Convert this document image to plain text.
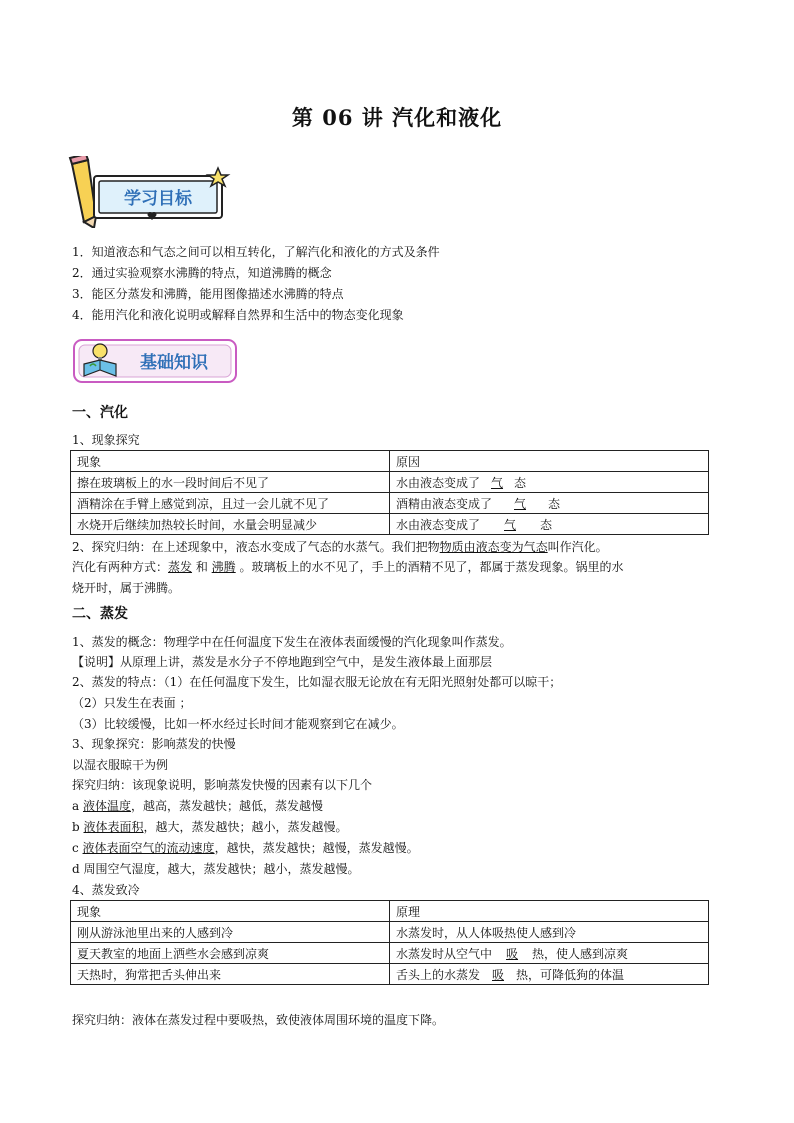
第 06 讲 汽化和液化
学习目标
1．知道液态和气态之间可以相互转化，了解汽化和液化的方式及条件
2．通过实验观察水沸腾的特点，知道沸腾的概念
3．能区分蒸发和沸腾，能用图像描述水沸腾的特点
4．能用汽化和液化说明或解释自然界和生活中的物态变化现象
基础知识
一、汽化
1、现象探究
现象	原因
擦在玻璃板上的水一段时间后不见了	水由液态变成了 气 态
酒精涂在手臂上感觉到凉，且过一会儿就不见了	酒精由液态变成了 气 态
水烧开后继续加热较长时间，水量会明显减少	水由液态变成了 气 态
2、探究归纳：在上述现象中，液态水变成了气态的水蒸气。我们把物物质由液态变为气态叫作汽化。
汽化有两种方式：蒸发 和 沸腾 。玻璃板上的水不见了，手上的酒精不见了，都属于蒸发现象。锅里的水
烧开时，属于沸腾。
二、蒸发
1、蒸发的概念：物理学中在任何温度下发生在液体表面缓慢的汽化现象叫作蒸发。
【说明】从原理上讲，蒸发是水分子不停地跑到空气中，是发生液体最上面那层
2、蒸发的特点：（1）在任何温度下发生，比如湿衣服无论放在有无阳光照射处都可以晾干；
（2）只发生在表面 ；
（3）比较缓慢，比如一杯水经过长时间才能观察到它在减少。
3、现象探究：影响蒸发的快慢
以湿衣服晾干为例
探究归纳：该现象说明，影响蒸发快慢的因素有以下几个
a 液体温度，越高，蒸发越快；越低，蒸发越慢
b 液体表面积，越大，蒸发越快；越小，蒸发越慢。
c 液体表面空气的流动速度，越快，蒸发越快；越慢，蒸发越慢。
d 周围空气湿度，越大，蒸发越快；越小，蒸发越慢。
4、蒸发致冷
现象	原理
刚从游泳池里出来的人感到冷	水蒸发时，从人体吸热使人感到冷
夏天教室的地面上洒些水会感到凉爽	水蒸发时从空气中 吸 热，使人感到凉爽
天热时，狗常把舌头伸出来	舌头上的水蒸发 吸 热，可降低狗的体温
探究归纳：液体在蒸发过程中要吸热，致使液体周围环境的温度下降。
